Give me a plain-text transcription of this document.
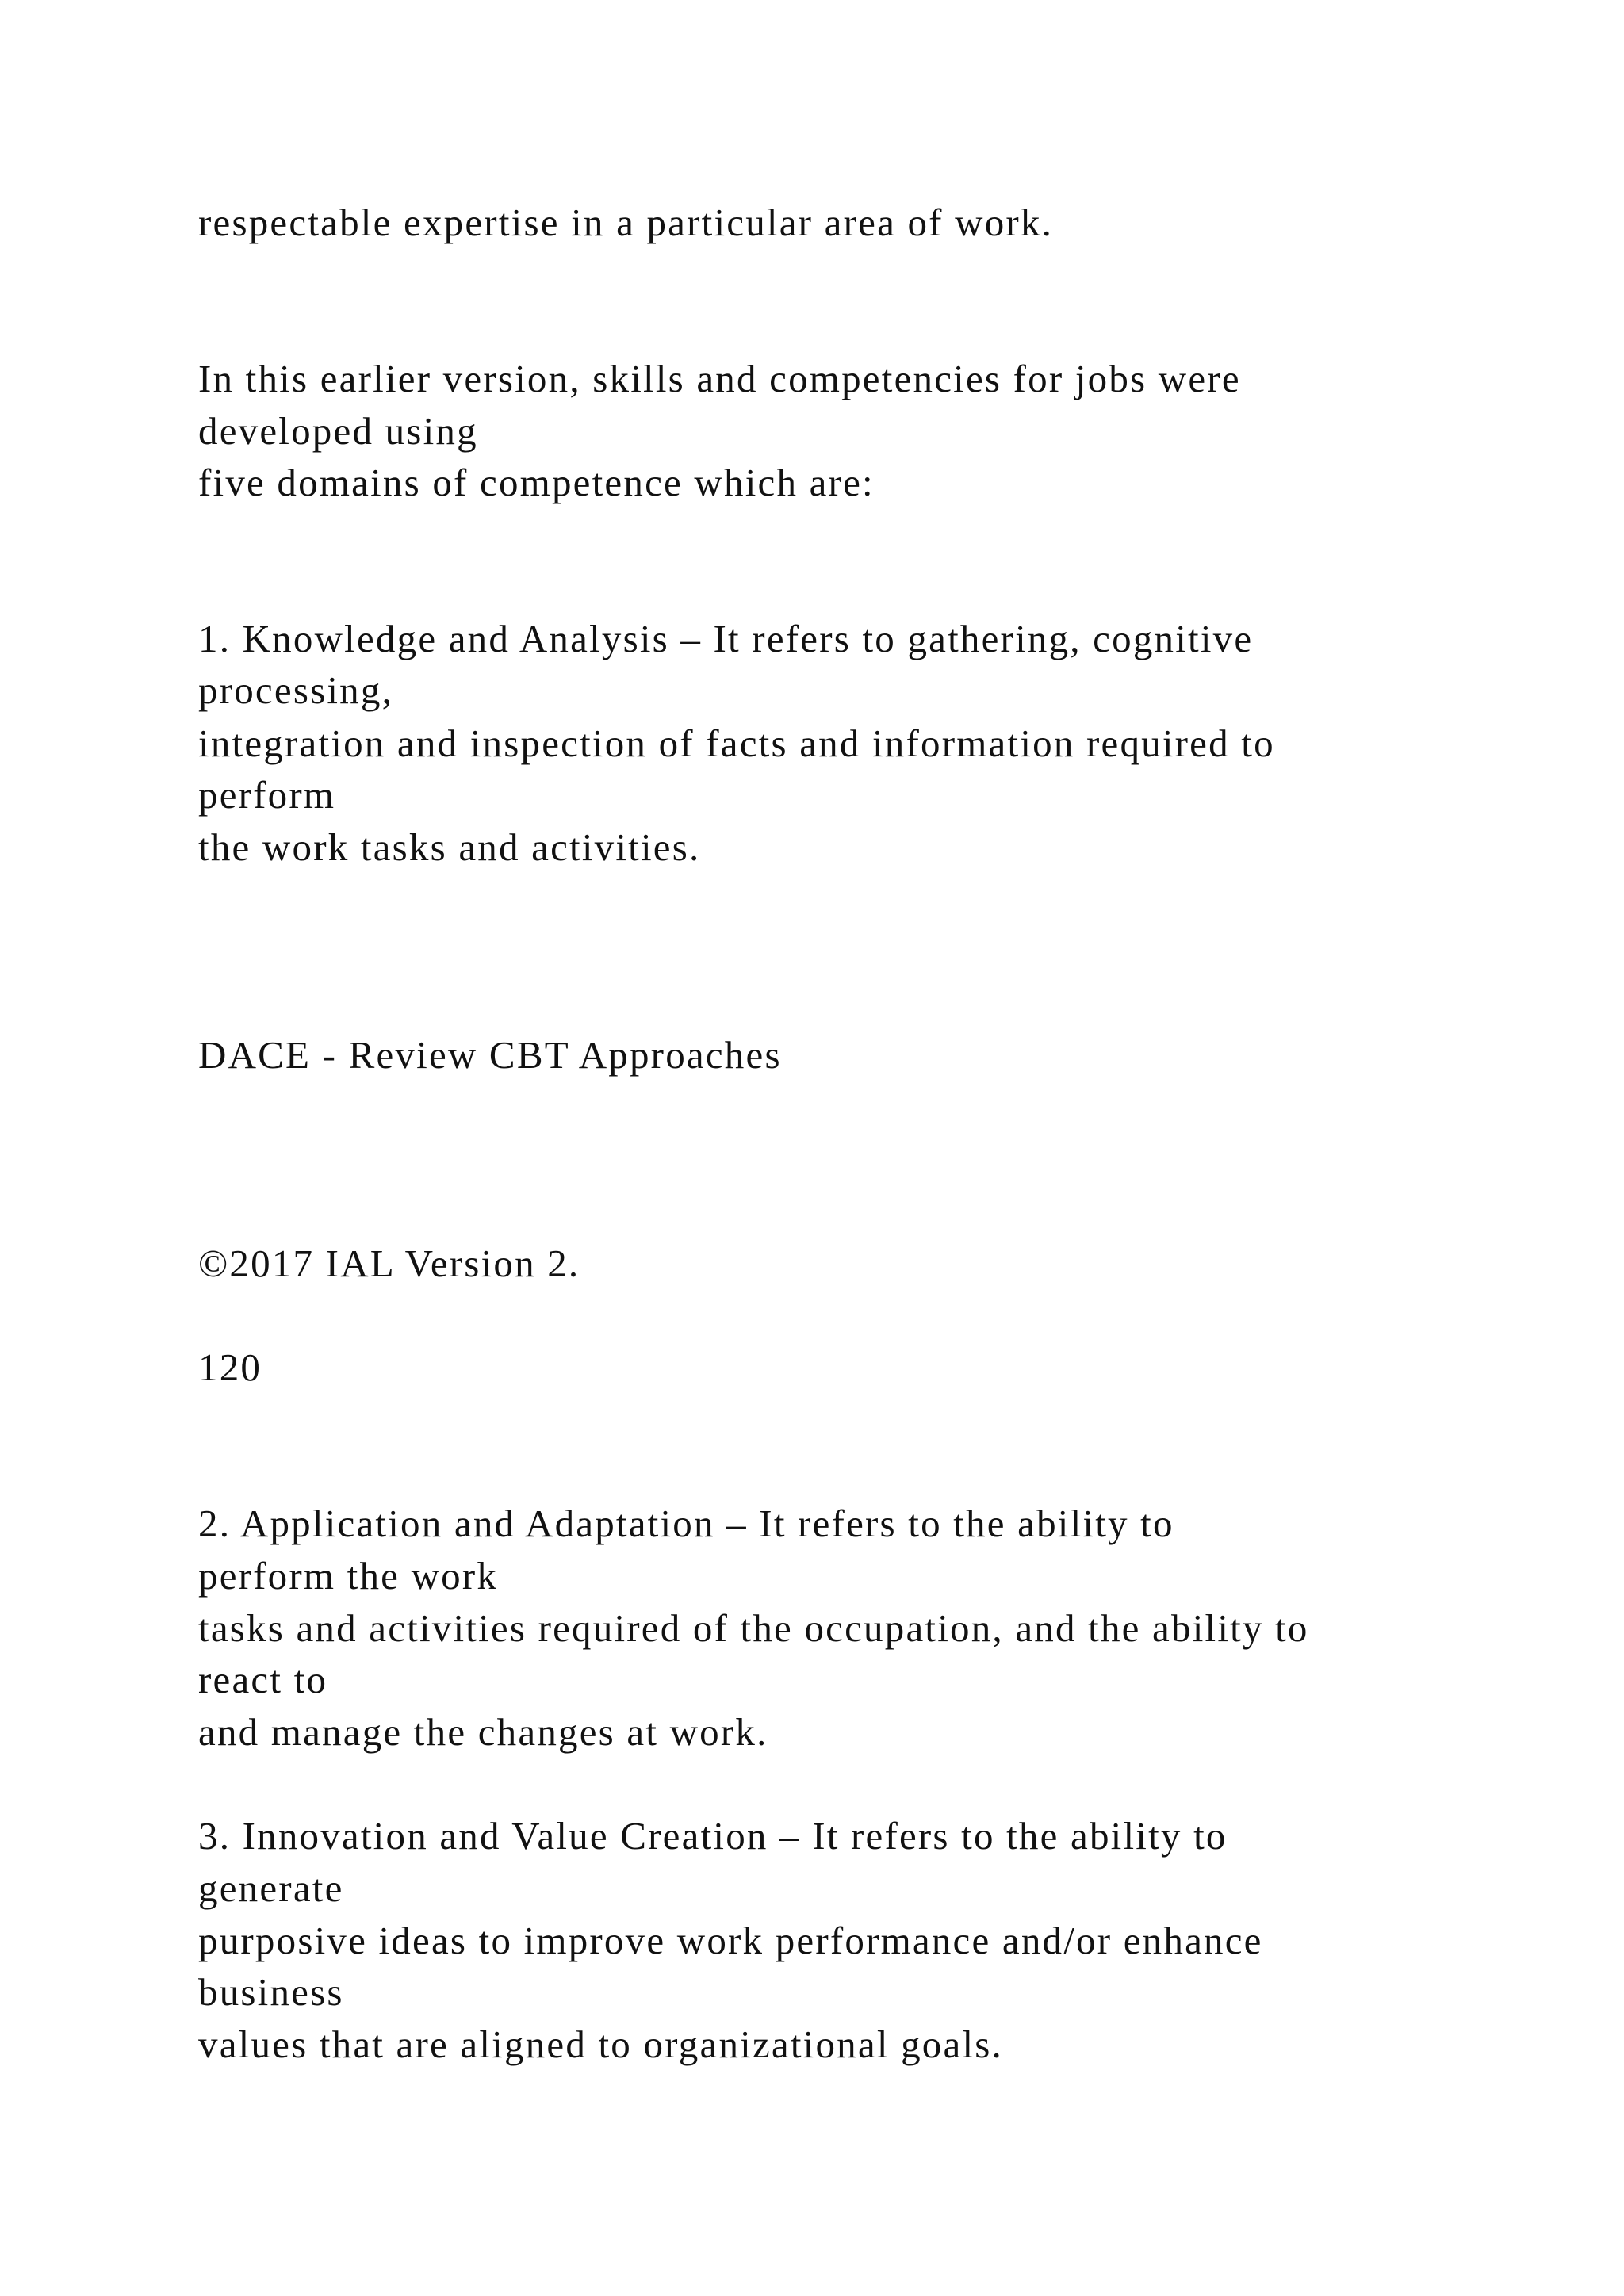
respectable expertise in a particular area of work.

In this earlier version, skills and competencies for jobs were

developed using

five domains of competence which are:

1. Knowledge and Analysis – It refers to gathering, cognitive

processing,

integration and inspection of facts and information required to

perform

the work tasks and activities.

DACE - Review CBT Approaches

©2017 IAL Version 2.

120

2. Application and Adaptation – It refers to the ability to

perform the work

tasks and activities required of the occupation, and the ability to

react to

and manage the changes at work.

3. Innovation and Value Creation – It refers to the ability to

generate

purposive ideas to improve work performance and/or enhance

business

values that are aligned to organizational goals.
